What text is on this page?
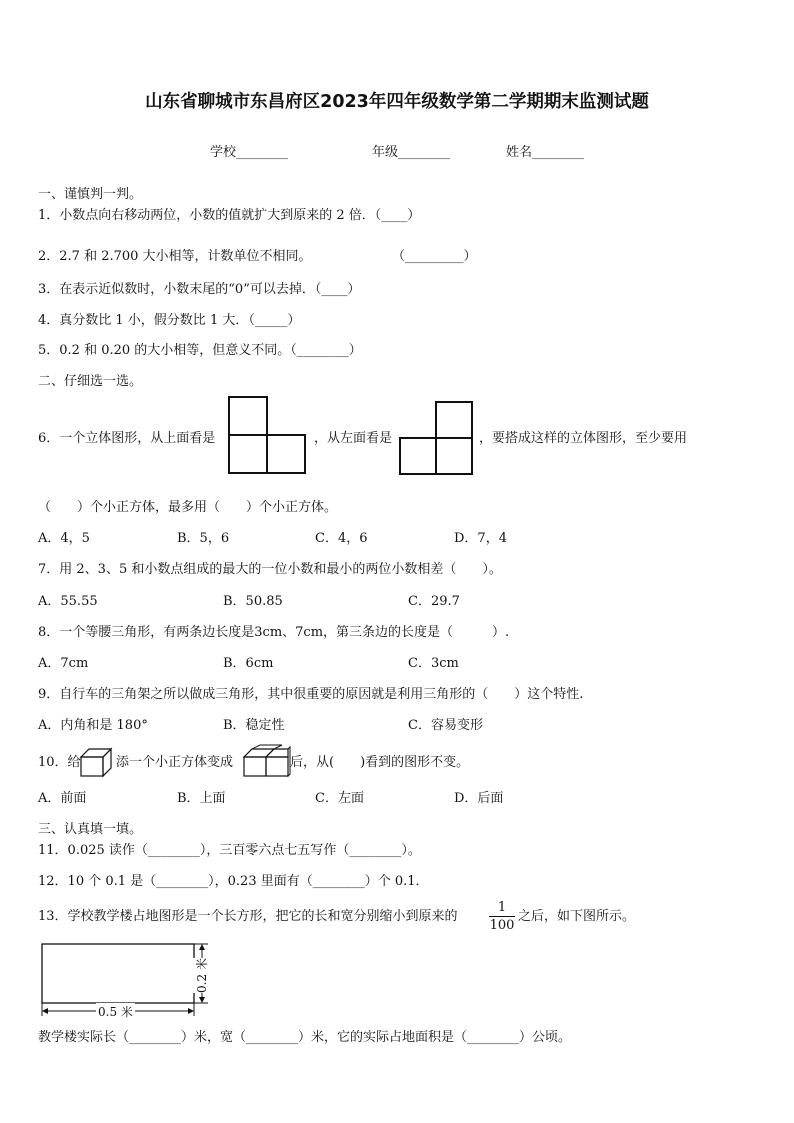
山东省聊城市东昌府区2023年四年级数学第二学期期末监测试题
学校________	年级________	姓名________
一、谨慎判一判。
1．小数点向右移动两位，小数的值就扩大到原来的 2 倍．（____）
2．2.7 和 2.700 大小相等，计数单位不相同。	（_________）
3．在表示近似数时，小数末尾的“0”可以去掉．（____）
4．真分数比 1 小，假分数比 1 大．（_____）
5．0.2 和 0.20 的大小相等，但意义不同。（________）
二、仔细选一选。
6．一个立体图形，从上面看是	，从左面看是	，要搭成这样的立体图形，至少要用
（　　）个小正方体，最多用（　　）个小正方体。
A．4，5	B．5，6	C．4，6	D．7，4
7．用 2、3、5 和小数点组成的最大的一位小数和最小的两位小数相差（　　）。
A．55.55	B．50.85	C．29.7
8．一个等腰三角形，有两条边长度是3cm、7cm，第三条边的长度是（　　　）.
A．7cm	B．6cm	C．3cm
9．自行车的三角架之所以做成三角形，其中很重要的原因就是利用三角形的（　　）这个特性.
A．内角和是 180°	B．稳定性	C．容易变形
10．给	添一个小正方体变成	后，从(　　)看到的图形不变。
A．前面	B．上面	C．左面	D．后面
三、认真填一填。
11．0.025 读作（________），三百零六点七五写作（________）。
12．10 个 0.1 是（________），0.23 里面有（________）个 0.1．
13．学校教学楼占地图形是一个长方形，把它的长和宽分别缩小到原来的
1
100
之后，如下图所示。
0.5 米
0.2 米
教学楼实际长（________）米，宽（________）米，它的实际占地面积是（________）公顷。
